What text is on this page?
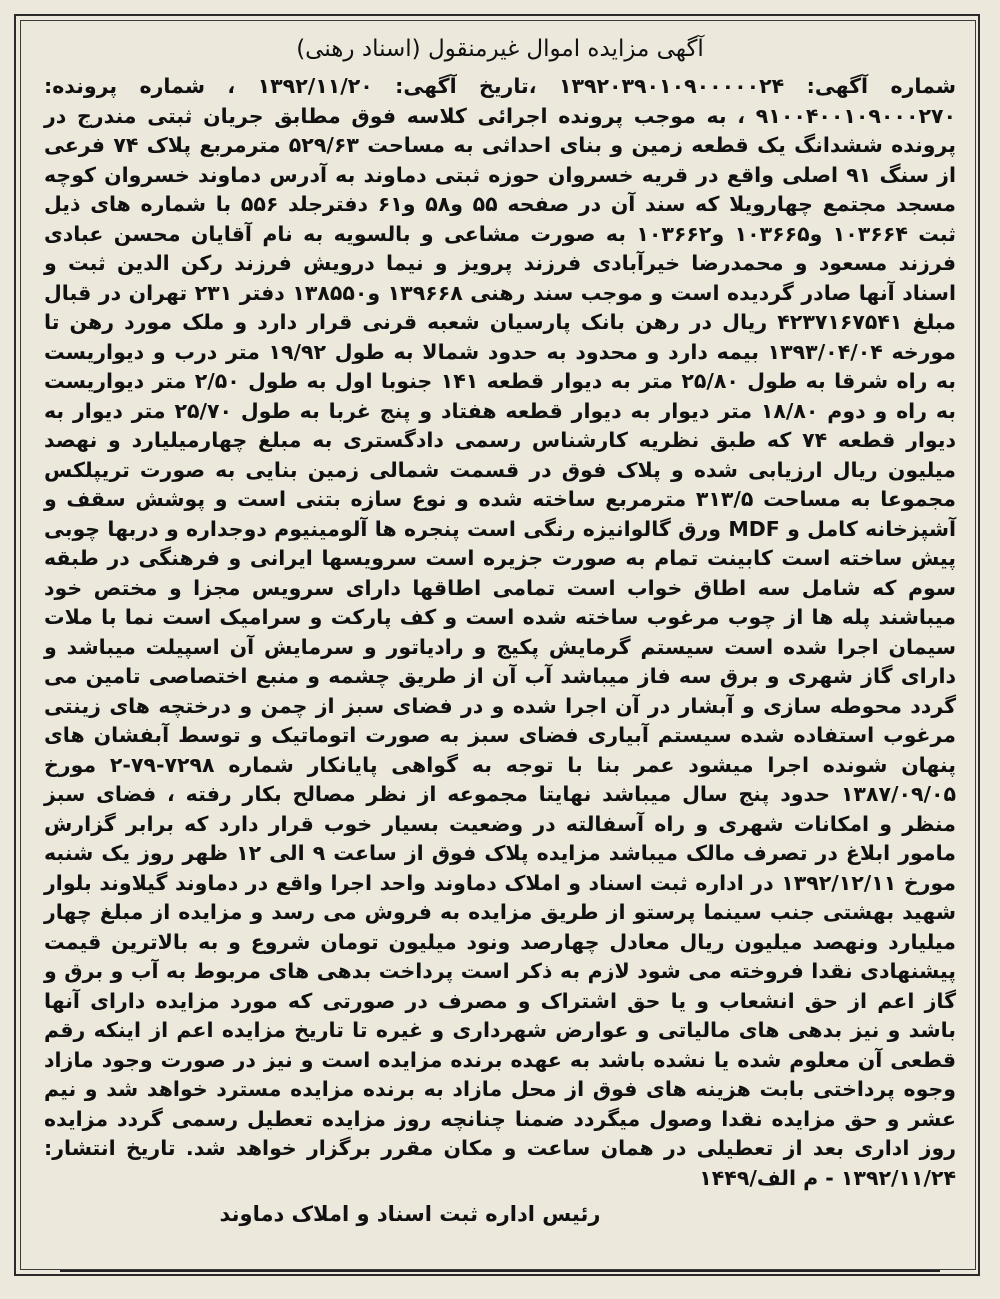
آگهی مزایده اموال غیرمنقول (اسناد رهنی)

شماره آگهی: ۱۳۹۲۰۳۹۰۱۰۹۰۰۰۰۰۲۴ ،تاریخ آگهی: ۱۳۹۲/۱۱/۲۰ ، شماره پرونده: ۹۱۰۰۴۰۰۱۰۹۰۰۰۲۷۰ ، به موجب پرونده اجرائی کلاسه فوق مطابق جریان ثبتی مندرج در پرونده ششدانگ یک قطعه زمین و بنای احداثی به مساحت ۵۲۹/۶۳ مترمربع پلاک ۷۴ فرعی از سنگ ۹۱ اصلی واقع در قریه خسروان حوزه ثبتی دماوند به آدرس دماوند خسروان کوچه مسجد مجتمع چهارویلا که سند آن در صفحه ۵۵ و۵۸ و۶۱ دفترجلد ۵۵۶ با شماره های ذیل ثبت ۱۰۳۶۶۴ و۱۰۳۶۶۵ و۱۰۳۶۶۲ به صورت مشاعی و بالسویه به نام آقایان محسن عبادی فرزند مسعود و محمدرضا خیرآبادی فرزند پرویز و نیما درویش فرزند رکن الدین ثبت و اسناد آنها صادر گردیده است و موجب سند رهنی ۱۳۹۶۶۸ و۱۳۸۵۵۰ دفتر ۲۳۱ تهران در قبال مبلغ ۴۲۳۷۱۶۷۵۴۱ ریال در رهن بانک پارسیان شعبه قرنی قرار دارد و ملک مورد رهن تا مورخه ۱۳۹۳/۰۴/۰۴ بیمه دارد و محدود به حدود شمالا به طول ۱۹/۹۲ متر درب و دیواریست به راه شرقا به طول ۲۵/۸۰ متر به دیوار قطعه ۱۴۱ جنوبا اول به طول ۲/۵۰ متر دیواریست به راه و دوم ۱۸/۸۰ متر دیوار به دیوار قطعه هفتاد و پنج غربا به طول ۲۵/۷۰ متر دیوار به دیوار قطعه ۷۴ که طبق نظریه کارشناس رسمی دادگستری به مبلغ چهارمیلیارد و نهصد میلیون ریال ارزیابی شده و پلاک فوق در قسمت شمالی زمین بنایی به صورت تریپلکس مجموعا به مساحت ۳۱۳/۵ مترمربع ساخته شده و نوع سازه بتنی است و پوشش سقف و آشپزخانه کامل و MDF ورق گالوانیزه رنگی است پنجره ها آلومینیوم دوجداره و دربها چوبی پیش ساخته است کابینت تمام به صورت جزیره است سرویسها ایرانی و فرهنگی در طبقه سوم که شامل سه اطاق خواب است تمامی اطاقها دارای سرویس مجزا و مختص خود میباشند پله ها از چوب مرغوب ساخته شده است و کف پارکت و سرامیک است نما با ملات سیمان اجرا شده است سیستم گرمایش پکیج و رادیاتور و سرمایش آن اسپیلت میباشد و دارای گاز شهری و برق سه فاز میباشد آب آن از طریق چشمه و منبع اختصاصی تامین می گردد محوطه سازی و آبشار در آن اجرا شده و در فضای سبز از چمن و درختچه های زینتی مرغوب استفاده شده سیستم آبیاری فضای سبز به صورت اتوماتیک و توسط آبفشان های پنهان شونده اجرا میشود عمر بنا با توجه به گواهی پایانکار شماره ۷۲۹۸-۷۹-۲ مورخ ۱۳۸۷/۰۹/۰۵ حدود پنج سال میباشد نهایتا مجموعه از نظر مصالح بکار رفته ، فضای سبز منظر و امکانات شهری و راه آسفالته در وضعیت بسیار خوب قرار دارد که برابر گزارش مامور ابلاغ در تصرف مالک میباشد مزایده پلاک فوق از ساعت ۹ الی ۱۲ ظهر روز یک شنبه مورخ ۱۳۹۲/۱۲/۱۱ در اداره ثبت اسناد و املاک دماوند واحد اجرا واقع در دماوند گیلاوند بلوار شهید بهشتی جنب سینما پرستو از طریق مزایده به فروش می رسد و مزایده از مبلغ چهار میلیارد ونهصد میلیون ریال معادل چهارصد ونود میلیون تومان شروع و به بالاترین قیمت پیشنهادی نقدا فروخته می شود لازم به ذکر است پرداخت بدهی های مربوط به آب و برق و گاز اعم از حق انشعاب و یا حق اشتراک و مصرف در صورتی که مورد مزایده دارای آنها باشد و نیز بدهی های مالیاتی و عوارض شهرداری و غیره تا تاریخ مزایده اعم از اینکه رقم قطعی آن معلوم شده یا نشده باشد به عهده برنده مزایده است و نیز در صورت وجود مازاد وجوه پرداختی بابت هزینه های فوق از محل مازاد به برنده مزایده مسترد خواهد شد و نیم عشر و حق مزایده نقدا وصول میگردد ضمنا چنانچه روز مزایده تعطیل رسمی گردد مزایده روز اداری بعد از تعطیلی در همان ساعت و مکان مقرر برگزار خواهد شد. تاریخ انتشار: ۱۳۹۲/۱۱/۲۴ - م الف/۱۴۴۹

رئیس اداره ثبت اسناد و املاک دماوند
